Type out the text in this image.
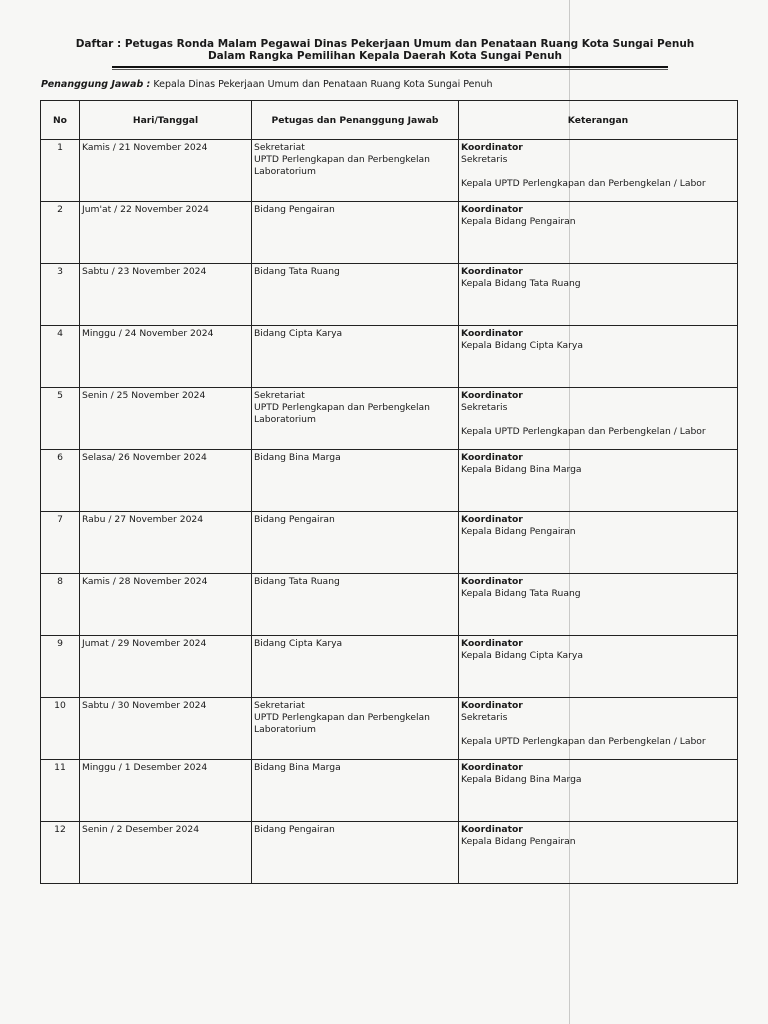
Daftar : Petugas Ronda Malam Pegawai Dinas Pekerjaan Umum dan Penataan Ruang Kota Sungai Penuh
Dalam Rangka Pemilihan Kepala Daerah Kota Sungai Penuh
Penanggung Jawab : Kepala Dinas Pekerjaan Umum dan Penataan Ruang Kota Sungai Penuh
No	Hari/Tanggal	Petugas dan Penanggung Jawab	Keterangan
1	Kamis / 21 November 2024	Sekretariat
UPTD Perlengkapan dan Perbengkelan
Laboratorium	Koordinator
Sekretaris
Kepala UPTD Perlengkapan dan Perbengkelan / Labor

2	Jum'at / 22 November 2024	Bidang Pengairan	Koordinator
Kepala Bidang Pengairan

3	Sabtu / 23 November 2024	Bidang Tata Ruang	Koordinator
Kepala Bidang Tata Ruang

4	Minggu / 24 November 2024	Bidang Cipta Karya	Koordinator
Kepala Bidang Cipta Karya

5	Senin / 25 November 2024	Sekretariat
UPTD Perlengkapan dan Perbengkelan
Laboratorium	Koordinator
Sekretaris
Kepala UPTD Perlengkapan dan Perbengkelan / Labor

6	Selasa/ 26 November 2024	Bidang Bina Marga	Koordinator
Kepala Bidang Bina Marga

7	Rabu / 27 November 2024	Bidang Pengairan	Koordinator
Kepala Bidang Pengairan

8	Kamis / 28 November 2024	Bidang Tata Ruang	Koordinator
Kepala Bidang Tata Ruang

9	Jumat / 29 November 2024	Bidang Cipta Karya	Koordinator
Kepala Bidang Cipta Karya

10	Sabtu / 30 November 2024	Sekretariat
UPTD Perlengkapan dan Perbengkelan
Laboratorium	Koordinator
Sekretaris
Kepala UPTD Perlengkapan dan Perbengkelan / Labor

11	Minggu / 1 Desember 2024	Bidang Bina Marga	Koordinator
Kepala Bidang Bina Marga

12	Senin / 2 Desember 2024	Bidang Pengairan	Koordinator
Kepala Bidang Pengairan
